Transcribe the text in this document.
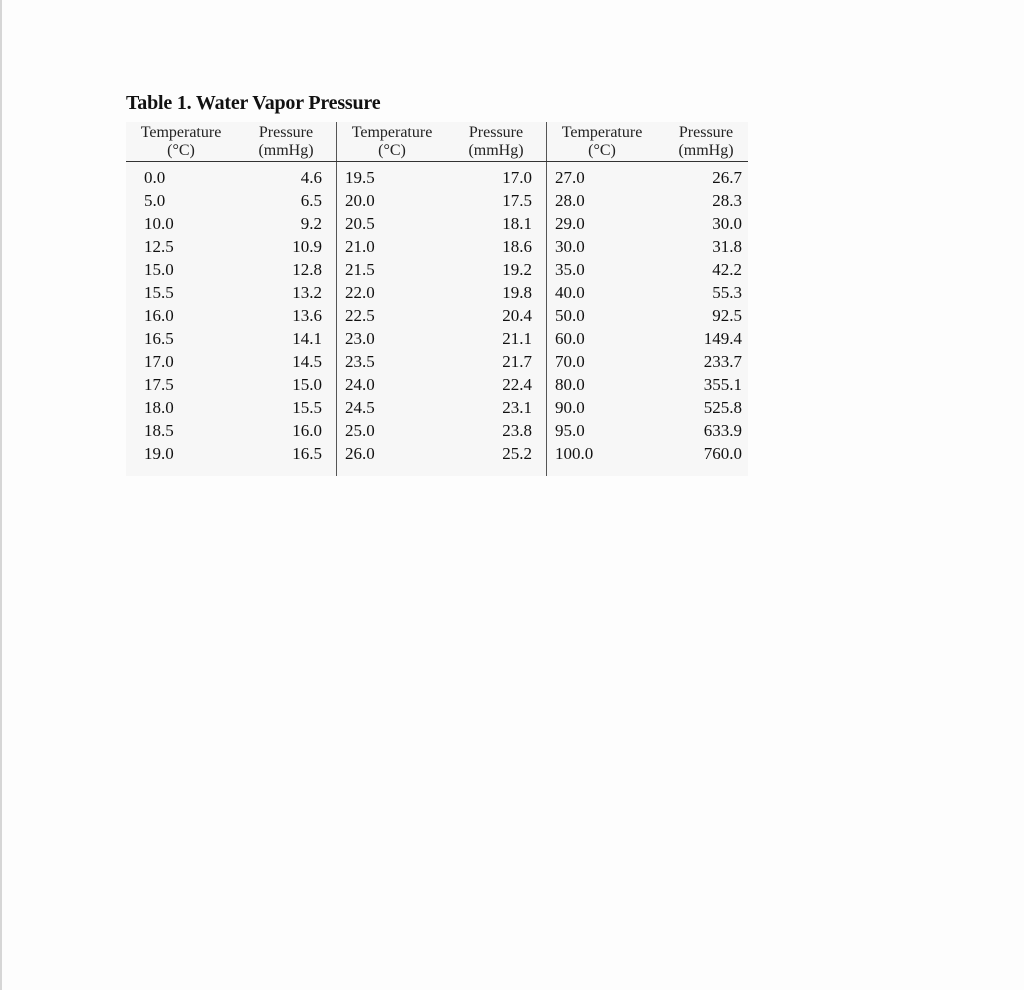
Table 1. Water Vapor Pressure
Temperature
(°C)
0.0
5.0
10.0
12.5
15.0
15.5
16.0
16.5
17.0
17.5
18.0
18.5
19.0
Pressure
(mmHg)
4.6
6.5
9.2
10.9
12.8
13.2
13.6
14.1
14.5
15.0
15.5
16.0
16.5
Temperature
(°C)
19.5
20.0
20.5
21.0
21.5
22.0
22.5
23.0
23.5
24.0
24.5
25.0
26.0
Pressure
(mmHg)
17.0
17.5
18.1
18.6
19.2
19.8
20.4
21.1
21.7
22.4
23.1
23.8
25.2
Temperature
(°C)
27.0
28.0
29.0
30.0
35.0
40.0
50.0
60.0
70.0
80.0
90.0
95.0
100.0
Pressure
(mmHg)
26.7
28.3
30.0
31.8
42.2
55.3
92.5
149.4
233.7
355.1
525.8
633.9
760.0
